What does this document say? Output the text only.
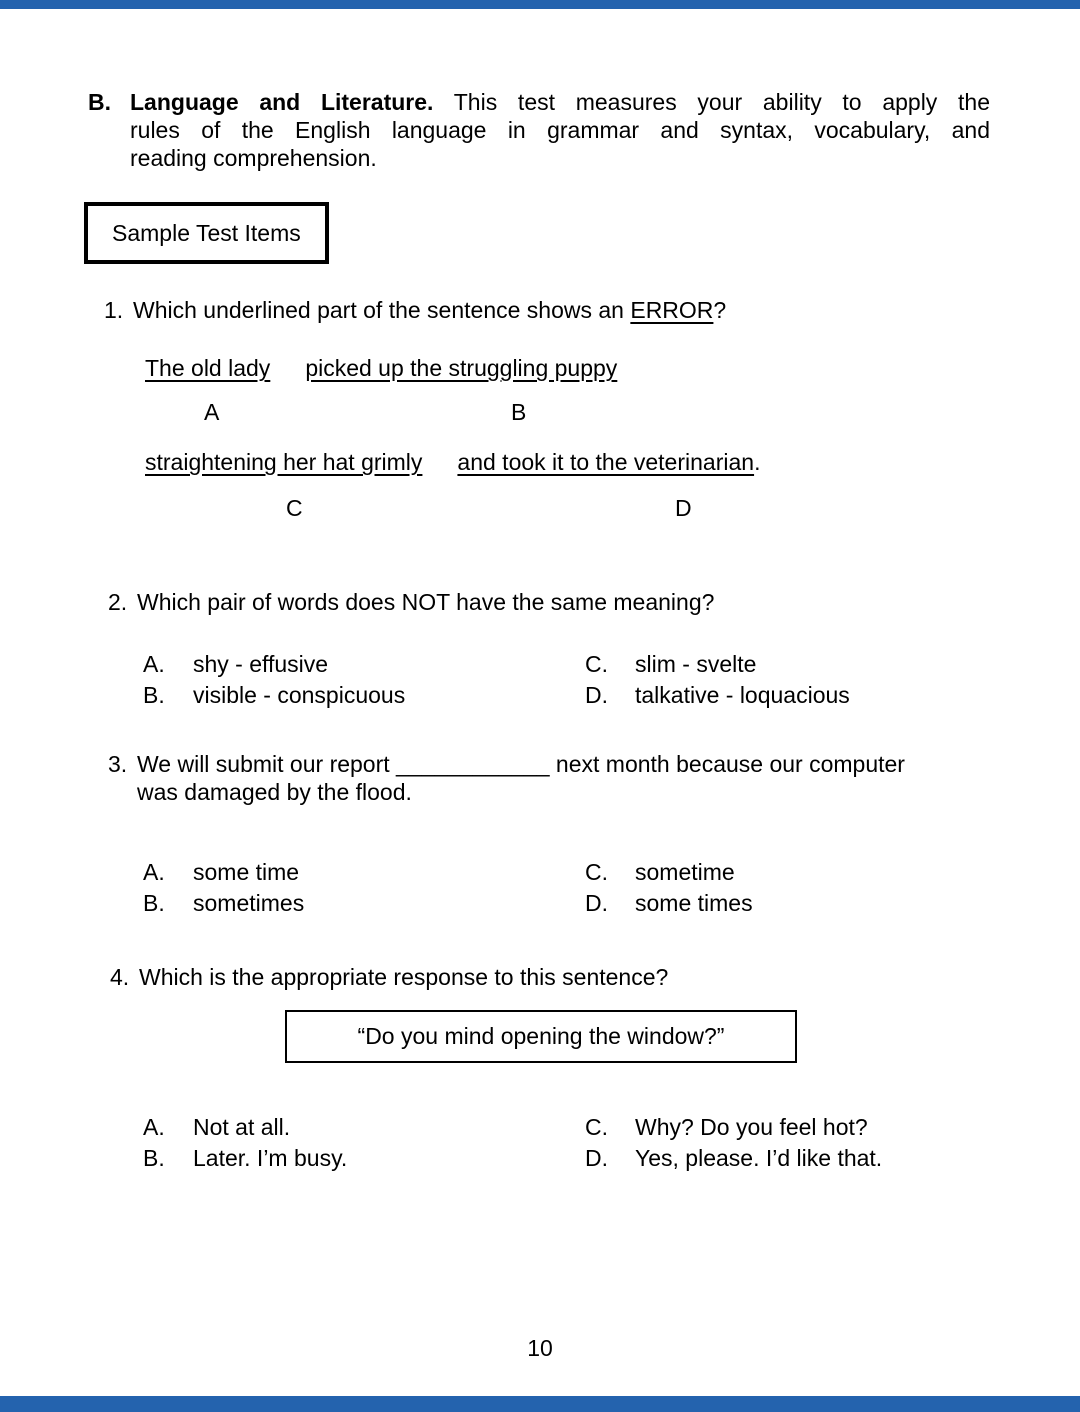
B. Language and Literature. This test measures your ability to apply the
rules of the English language in grammar and syntax, vocabulary, and
reading comprehension.
Sample Test Items
1. Which underlined part of the sentence shows an ERROR?
The old lady picked up the struggling puppy
A	B
straightening her hat grimly and took it to the veterinarian.
C	D
2. Which pair of words does NOT have the same meaning?
A.	shy - effusive	C.	slim - svelte
B.	visible - conspicuous	D.	talkative - loquacious
3. We will submit our report ____________ next month because our computer
was damaged by the flood.
A.	some time	C.	sometime
B.	sometimes	D.	some times
4. Which is the appropriate response to this sentence?
“Do you mind opening the window?”
A.	Not at all.	C.	Why? Do you feel hot?
B.	Later. I’m busy.	D.	Yes, please. I’d like that.
10
